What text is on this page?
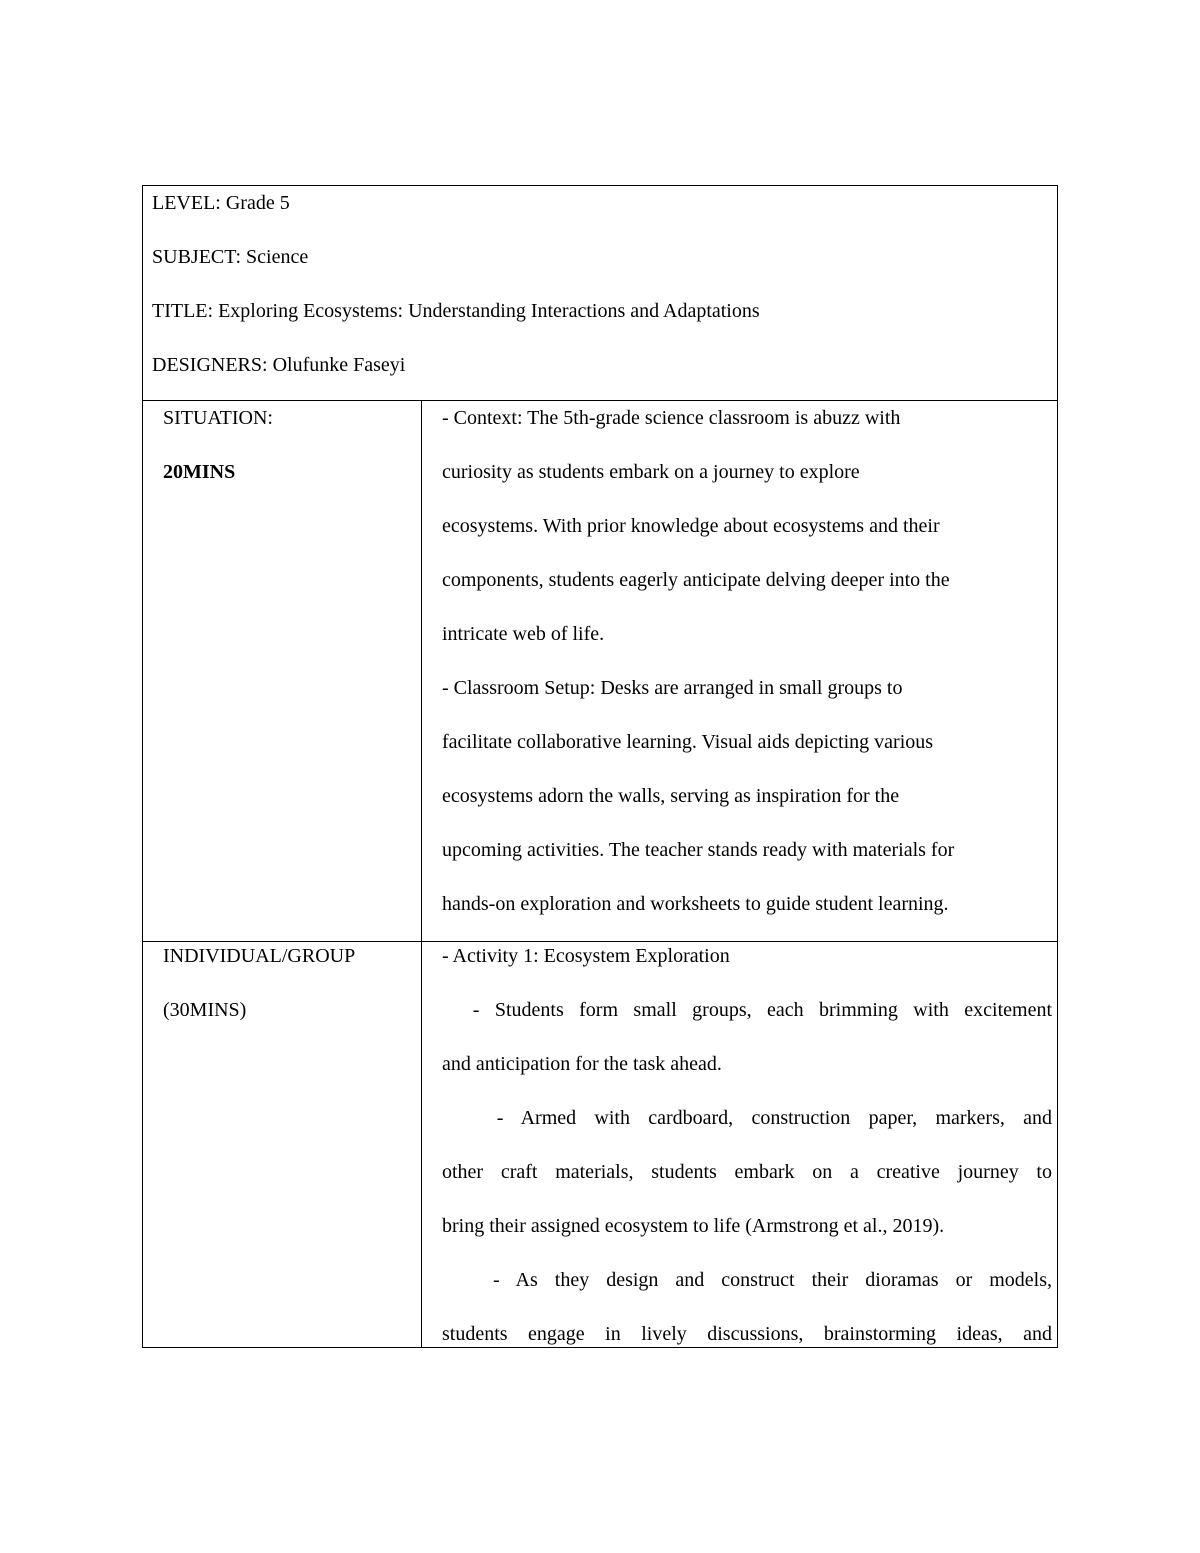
LEVEL: Grade 5
SUBJECT: Science
TITLE: Exploring Ecosystems: Understanding Interactions and Adaptations
DESIGNERS: Olufunke Faseyi
SITUATION:
20MINS
- Context: The 5th-grade science classroom is abuzz with
curiosity as students embark on a journey to explore
ecosystems. With prior knowledge about ecosystems and their
components, students eagerly anticipate delving deeper into the
intricate web of life.
- Classroom Setup: Desks are arranged in small groups to
facilitate collaborative learning. Visual aids depicting various
ecosystems adorn the walls, serving as inspiration for the
upcoming activities. The teacher stands ready with materials for
hands-on exploration and worksheets to guide student learning.
INDIVIDUAL/GROUP
(30MINS)
- Activity 1: Ecosystem Exploration
- Students form small groups, each brimming with excitement
and anticipation for the task ahead.
- Armed with cardboard, construction paper, markers, and
other craft materials, students embark on a creative journey to
bring their assigned ecosystem to life (Armstrong et al., 2019).
- As they design and construct their dioramas or models,
students engage in lively discussions, brainstorming ideas, and
